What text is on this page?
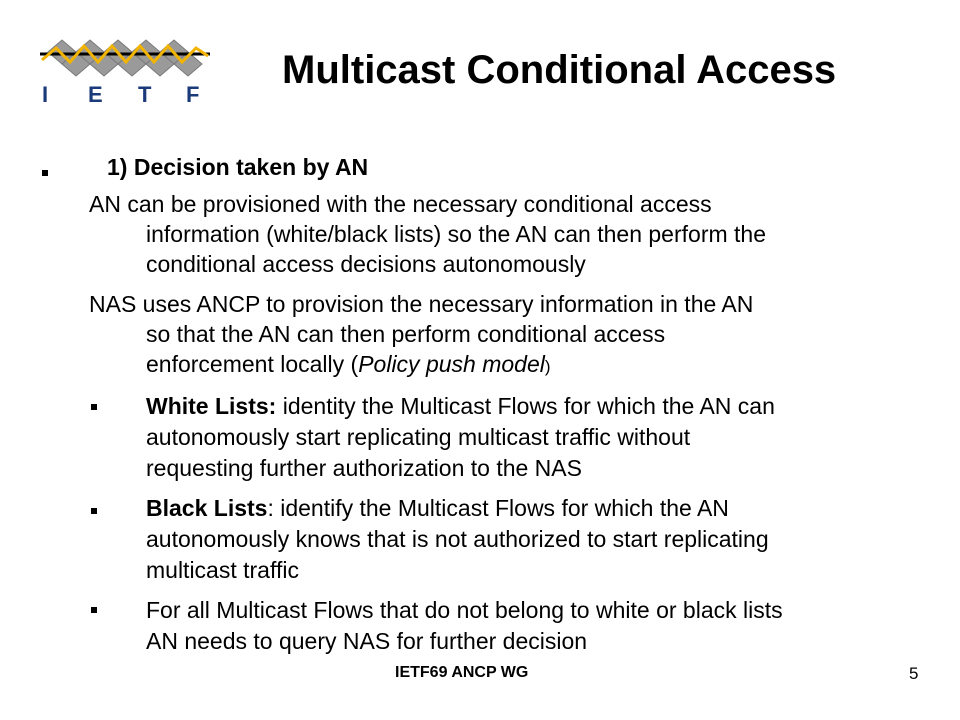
I E T F
Multicast Conditional Access
1) Decision taken by AN
AN can be provisioned with the necessary conditional access
information (white/black lists) so the AN can then perform the
conditional access decisions autonomously
NAS uses ANCP to provision the necessary information in the AN
so that the AN can then perform conditional access
enforcement locally (Policy push model)
White Lists: identity the Multicast Flows for which the AN can
autonomously start replicating multicast traffic without
requesting further authorization to the NAS
Black Lists: identify the Multicast Flows for which the AN
autonomously knows that is not authorized to start replicating
multicast traffic
For all Multicast Flows that do not belong to white or black lists
AN needs to query NAS for further decision
IETF69 ANCP WG	5
